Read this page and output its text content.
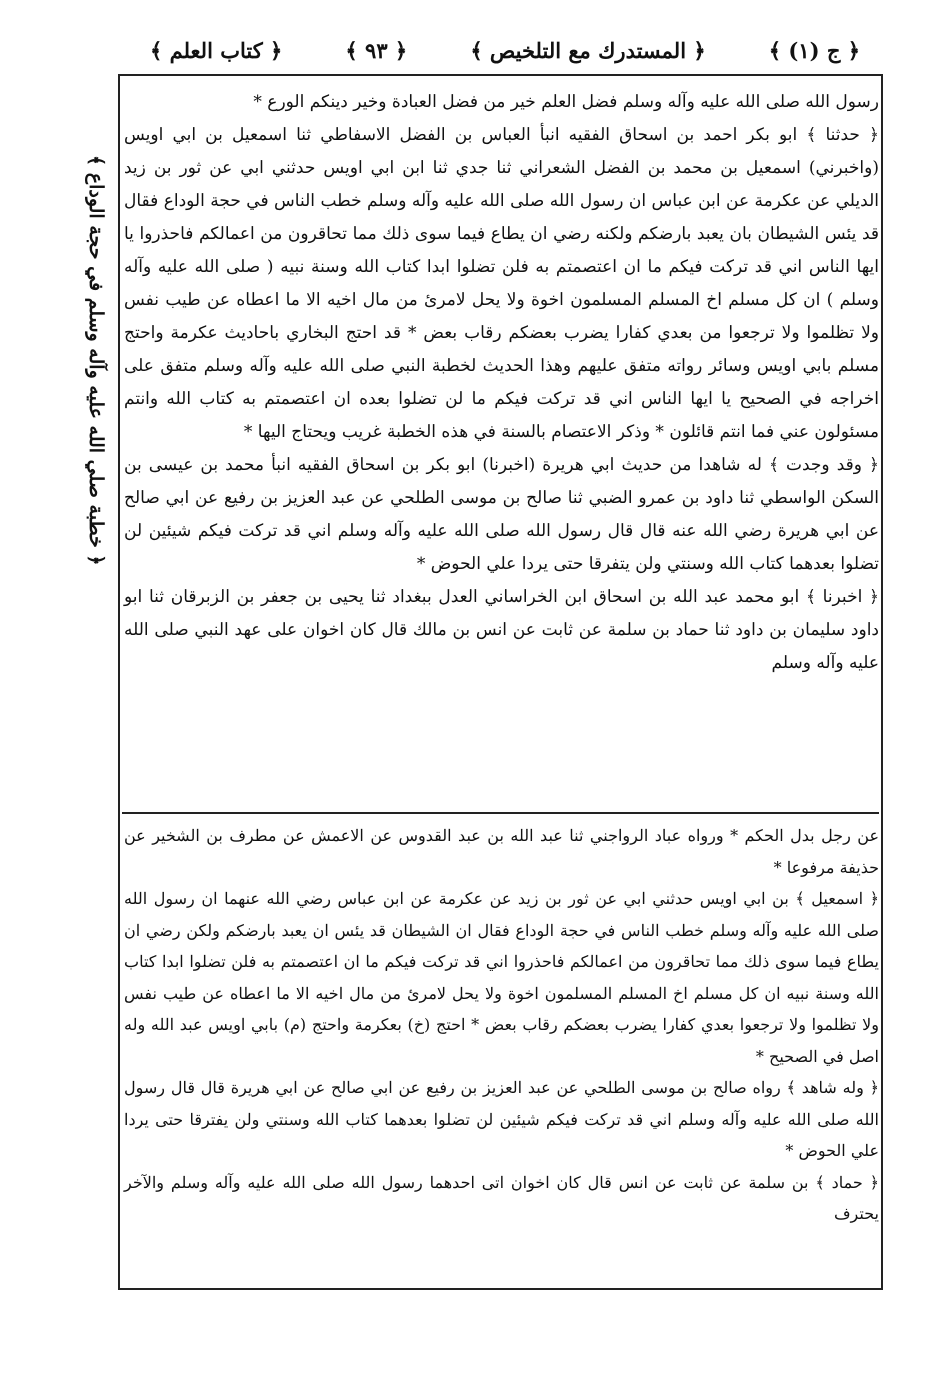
﴿ ج (١) ﴾
﴿ المستدرك مع التلخيص ﴾
﴿ ٩٣ ﴾
﴿ كتاب العلم ﴾

رسول الله صلى الله عليه وآله وسلم فضل العلم خير من فضل العبادة وخير دينكم الورع *

﴿ حدثنا ﴾ ابو بكر احمد بن اسحاق الفقيه انبأ العباس بن الفضل الاسفاطي ثنا اسمعيل بن ابي اويس (واخبرني) اسمعيل بن محمد بن الفضل الشعراني ثنا جدي ثنا ابن ابي اويس حدثني ابي عن ثور بن زيد الديلي عن عكرمة عن ابن عباس ان رسول الله صلى الله عليه وآله وسلم خطب الناس في حجة الوداع فقال قد يئس الشيطان بان يعبد بارضكم ولكنه رضي ان يطاع فيما سوى ذلك مما تحاقرون من اعمالكم فاحذروا يا ايها الناس اني قد تركت فيكم ما ان اعتصمتم به فلن تضلوا ابدا كتاب الله وسنة نبيه ( صلى الله عليه وآله وسلم ) ان كل مسلم اخ المسلم المسلمون اخوة ولا يحل لامرئ من مال اخيه الا ما اعطاه عن طيب نفس ولا تظلموا ولا ترجعوا من بعدي كفارا يضرب بعضكم رقاب بعض * قد احتج البخاري باحاديث عكرمة واحتج مسلم بابي اويس وسائر رواته متفق عليهم وهذا الحديث لخطبة النبي صلى الله عليه وآله وسلم متفق على اخراجه في الصحيح يا ايها الناس اني قد تركت فيكم ما لن تضلوا بعده ان اعتصمتم به كتاب الله وانتم مسئولون عني فما انتم قائلون * وذكر الاعتصام بالسنة في هذه الخطبة غريب ويحتاج اليها *

﴿ وقد وجدت ﴾ له شاهدا من حديث ابي هريرة (اخبرنا) ابو بكر بن اسحاق الفقيه انبأ محمد بن عيسى بن السكن الواسطي ثنا داود بن عمرو الضبي ثنا صالح بن موسى الطلحي عن عبد العزيز بن رفيع عن ابي صالح عن ابي هريرة رضي الله عنه قال قال رسول الله صلى الله عليه وآله وسلم اني قد تركت فيكم شيئين لن تضلوا بعدهما كتاب الله وسنتي ولن يتفرقا حتى يردا علي الحوض *

﴿ اخبرنا ﴾ ابو محمد عبد الله بن اسحاق ابن الخراساني العدل ببغداد ثنا يحيى بن جعفر بن الزبرقان ثنا ابو داود سليمان بن داود ثنا حماد بن سلمة عن ثابت عن انس بن مالك قال كان اخوان على عهد النبي صلى الله عليه وآله وسلم

عن رجل بدل الحكم * ورواه عباد الرواجني ثنا عبد الله بن عبد القدوس عن الاعمش عن مطرف بن الشخير عن حذيفة مرفوعا *

﴿ اسمعيل ﴾ بن ابي اويس حدثني ابي عن ثور بن زيد عن عكرمة عن ابن عباس رضي الله عنهما ان رسول الله صلى الله عليه وآله وسلم خطب الناس في حجة الوداع فقال ان الشيطان قد يئس ان يعبد بارضكم ولكن رضي ان يطاع فيما سوى ذلك مما تحاقرون من اعمالكم فاحذروا اني قد تركت فيكم ما ان اعتصمتم به فلن تضلوا ابدا كتاب الله وسنة نبيه ان كل مسلم اخ المسلم المسلمون اخوة ولا يحل لامرئ من مال اخيه الا ما اعطاه عن طيب نفس ولا تظلموا ولا ترجعوا بعدي كفارا يضرب بعضكم رقاب بعض * احتج (خ) بعكرمة واحتج (م) بابي اويس عبد الله وله اصل في الصحيح *

﴿ وله شاهد ﴾ رواه صالح بن موسى الطلحي عن عبد العزيز بن رفيع عن ابي صالح عن ابي هريرة قال قال رسول الله صلى الله عليه وآله وسلم اني قد تركت فيكم شيئين لن تضلوا بعدهما كتاب الله وسنتي ولن يفترقا حتى يردا علي الحوض *

﴿ حماد ﴾ بن سلمة عن ثابت عن انس قال كان اخوان اتى احدهما رسول الله صلى الله عليه وآله وسلم والآخر يحترف

﴿ خطبة صلي الله عليه وآله وسلم في حجة الوداع ﴾
